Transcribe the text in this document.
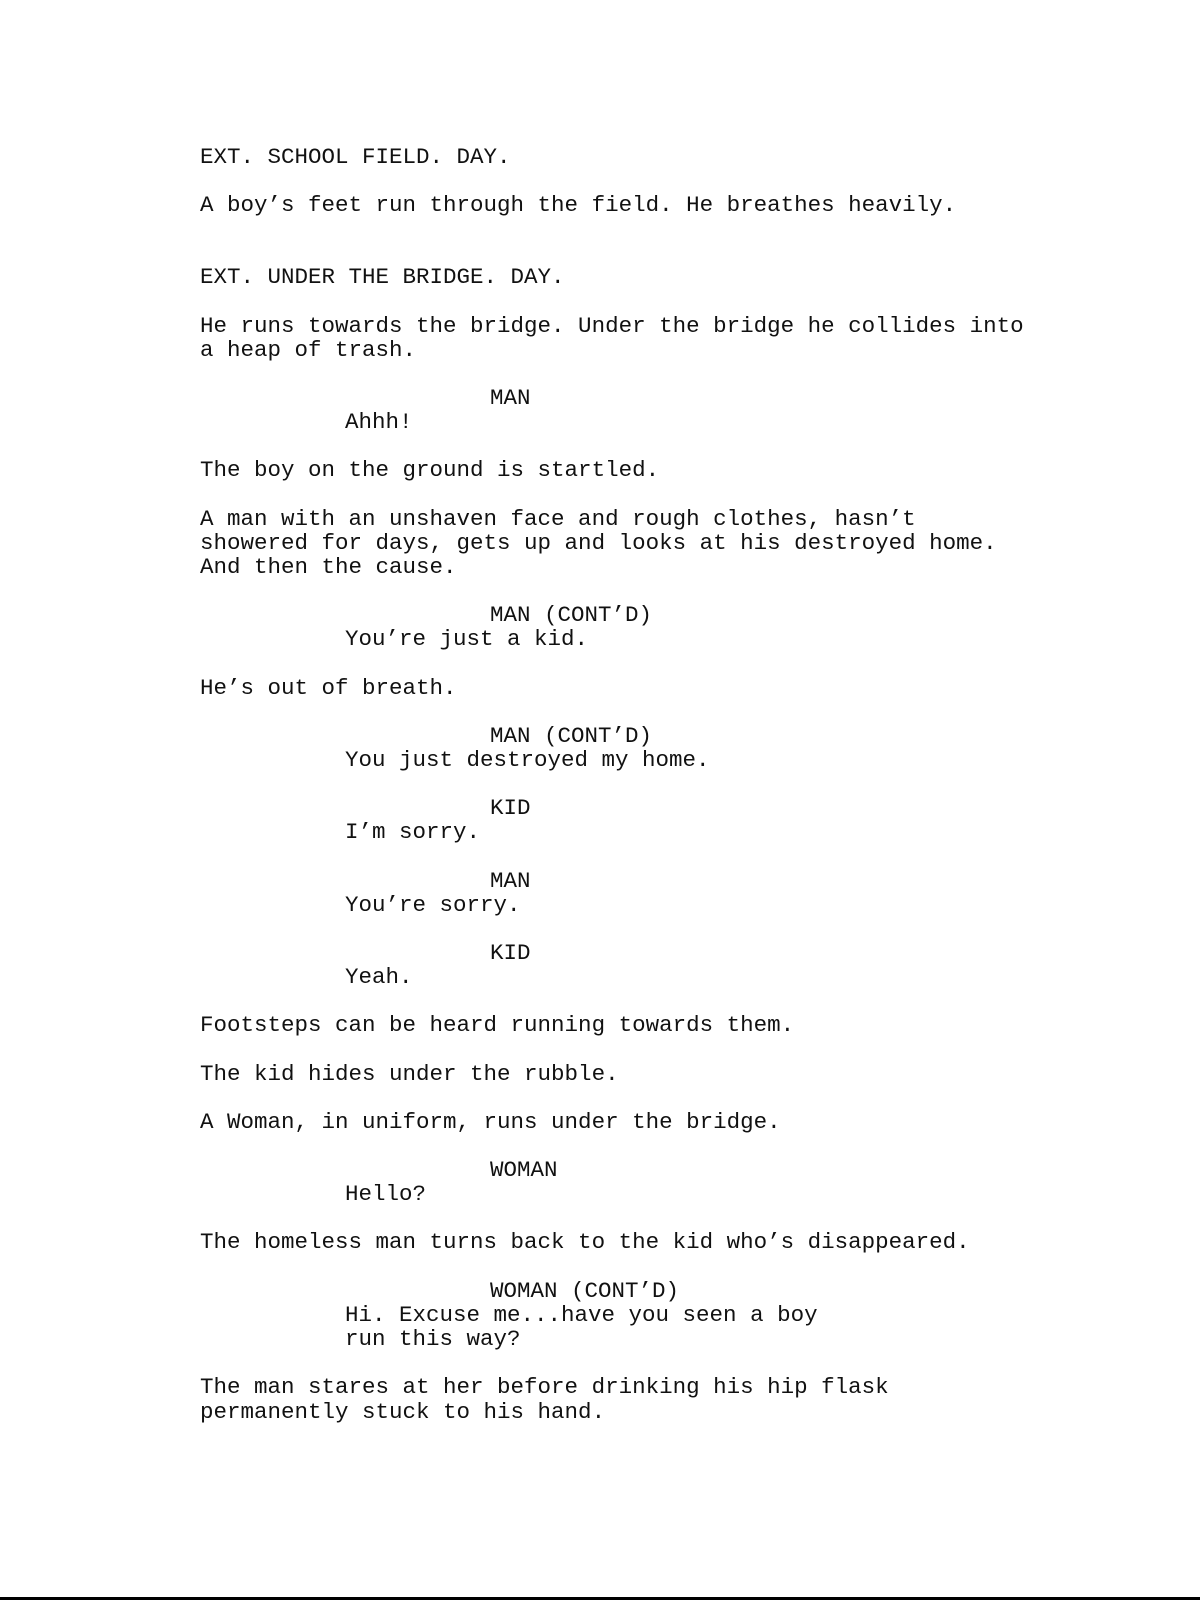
EXT. SCHOOL FIELD. DAY.

A boy’s feet run through the field. He breathes heavily.

EXT. UNDER THE BRIDGE. DAY.

He runs towards the bridge. Under the bridge he collides into
a heap of trash.

MAN

Ahhh!

The boy on the ground is startled.

A man with an unshaven face and rough clothes, hasn’t
showered for days, gets up and looks at his destroyed home.
And then the cause.

MAN (CONT’D)

You’re just a kid.

He’s out of breath.

MAN (CONT’D)

You just destroyed my home.

KID

I’m sorry.

MAN

You’re sorry.

KID

Yeah.

Footsteps can be heard running towards them.

The kid hides under the rubble.

A Woman, in uniform, runs under the bridge.

WOMAN

Hello?

The homeless man turns back to the kid who’s disappeared.

WOMAN (CONT’D)

Hi. Excuse me...have you seen a boy
run this way?

The man stares at her before drinking his hip flask
permanently stuck to his hand.
